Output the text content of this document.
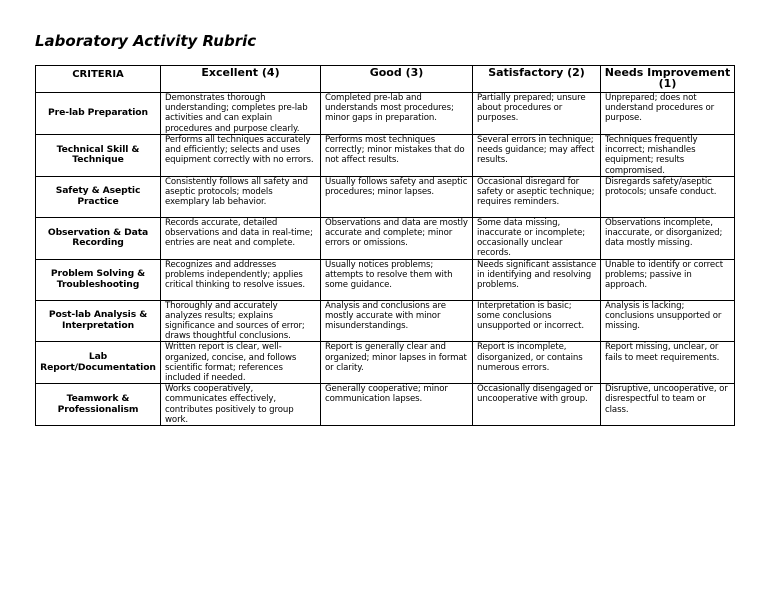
Laboratory Activity Rubric
CRITERIA	Excellent (4)	Good (3)	Satisfactory (2)	Needs Improvement (1)
Pre-lab Preparation	Demonstrates thorough understanding; completes pre-lab activities and can explain procedures and purpose clearly.	Completed pre-lab and understands most procedures; minor gaps in preparation.	Partially prepared; unsure about procedures or purposes.	Unprepared; does not understand procedures or purpose.
Technical Skill & Technique	Performs all techniques accurately and efficiently; selects and uses equipment correctly with no errors.	Performs most techniques correctly; minor mistakes that do not affect results.	Several errors in technique; needs guidance; may affect results.	Techniques frequently incorrect; mishandles equipment; results compromised.
Safety & Aseptic Practice	Consistently follows all safety and aseptic protocols; models exemplary lab behavior.	Usually follows safety and aseptic procedures; minor lapses.	Occasional disregard for safety or aseptic technique; requires reminders.	Disregards safety/aseptic protocols; unsafe conduct.
Observation & Data Recording	Records accurate, detailed observations and data in real-time; entries are neat and complete.	Observations and data are mostly accurate and complete; minor errors or omissions.	Some data missing, inaccurate or incomplete; occasionally unclear records.	Observations incomplete, inaccurate, or disorganized; data mostly missing.
Problem Solving & Troubleshooting	Recognizes and addresses problems independently; applies critical thinking to resolve issues.	Usually notices problems; attempts to resolve them with some guidance.	Needs significant assistance in identifying and resolving problems.	Unable to identify or correct problems; passive in approach.
Post-lab Analysis & Interpretation	Thoroughly and accurately analyzes results; explains significance and sources of error; draws thoughtful conclusions.	Analysis and conclusions are mostly accurate with minor misunderstandings.	Interpretation is basic; some conclusions unsupported or incorrect.	Analysis is lacking; conclusions unsupported or missing.
Lab Report/Documentation	Written report is clear, well-organized, concise, and follows scientific format; references included if needed.	Report is generally clear and organized; minor lapses in format or clarity.	Report is incomplete, disorganized, or contains numerous errors.	Report missing, unclear, or fails to meet requirements.
Teamwork & Professionalism	Works cooperatively, communicates effectively, contributes positively to group work.	Generally cooperative; minor communication lapses.	Occasionally disengaged or uncooperative with group.	Disruptive, uncooperative, or disrespectful to team or class.
